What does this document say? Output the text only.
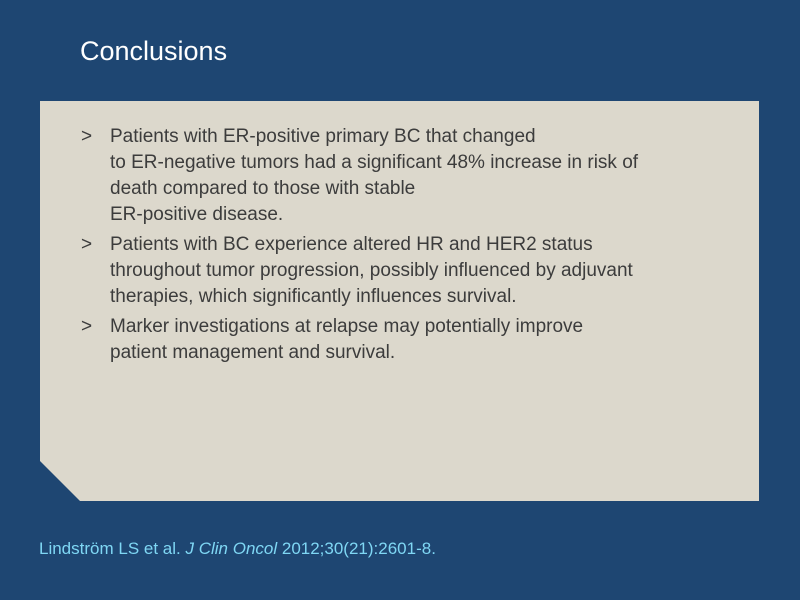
Conclusions
> Patients with ER-positive primary BC that changed
to ER-negative tumors had a significant 48% increase in risk of
death compared to those with stable
ER-positive disease.
> Patients with BC experience altered HR and HER2 status
throughout tumor progression, possibly influenced by adjuvant
therapies, which significantly influences survival.
> Marker investigations at relapse may potentially improve
patient management and survival.
Lindström LS et al. J Clin Oncol 2012;30(21):2601-8.
